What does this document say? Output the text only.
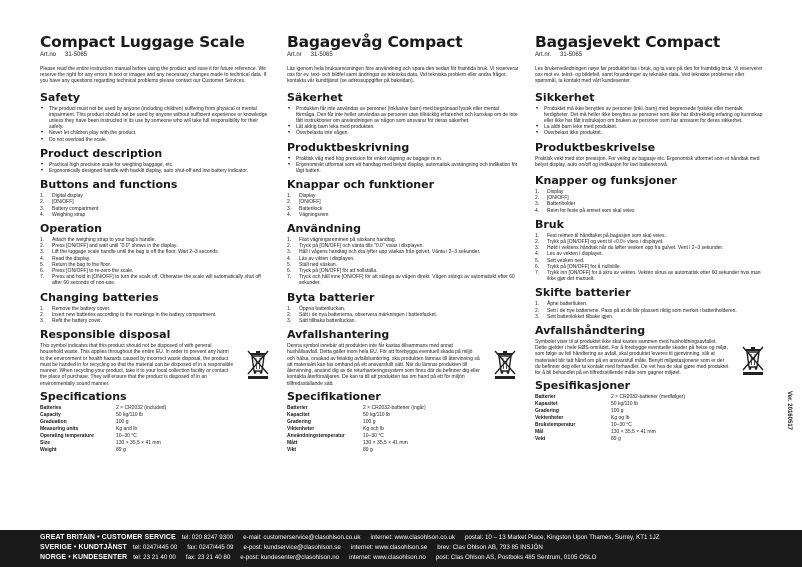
Compact Luggage Scale
Art.no 31-5065

Please read the entire instruction manual before using the product and save it for future reference. We reserve the right for any errors in text or images and any necessary changes made to technical data. If you have any questions regarding technical problems please contact our Customer Services.

Safety
• The product must not be used by anyone (including children) suffering from physical or mental impairment. This product should not be used by anyone without sufficient experience or knowledge unless they have been instructed in its use by someone who will take full responsibility for their safety.
• Never let children play with the product.
• Do not overload the scale.
Product description
• Practical high precision scale for weighing baggage, etc.
• Ergonomically designed handle with backlit display, auto shut-off and low battery indicator.
Buttons and functions
1.	Digital display
2.	[ON/OFF]
3.	Battery compartment
4.	Weighing strap
Operation
1.	Attach the weighing strap to your bag's handle.
2.	Press [ON/OFF] and wait until "0.0" shows in the display.
3.	Lift the luggage scale handle until the bag is off the floor. Wait 2–3 seconds.
4.	Read the display.
5.	Return the bag to the floor.
6.	Press [ON/OFF] to re-zero the scale.
7.	Press and hold in [ON/OFF] to turn the scale off. Otherwise the scale will automatically shut off after 60 seconds of non-use.
Changing batteries
1.	Remove the battery cover.
2.	Insert new batteries according to the markings in the battery compartment.
3.	Refit the battery cover.
Responsible disposal

This symbol indicates that this product should not be disposed of with general household waste. This applies throughout the entire EU. In order to prevent any harm to the environment or health hazards caused by incorrect waste disposal, the product must be handed in for recycling so that the material can be disposed of in a responsible manner. When recycling your product, take it to your local collection facility or contact the place of purchase. They will ensure that the product is disposed of in an environmentally sound manner.

Specifications
Batteries	2 × CR2032 (included)
Capacity	50 kg/110 lb
Graduation	100 g
Measuring units	Kg and lb
Operating temperature	10–30 °C
Size	130 × 35,5 × 41 mm
Weight	89 g
Bagagevåg Compact
Art.nr 31-5065

Läs igenom hela bruksanvisningen före användning och spara den sedan för framtida bruk. Vi reserverar oss för ev. text- och bildfel samt ändringar av tekniska data. Vid tekniska problem eller andra frågor, kontakta vår kundtjänst (se adressuppgifter på baksidan).

Säkerhet
• Produkten får inte användas av personer (inklusive barn) med begränsad fysisk eller mental förmåga. Den får inte heller användas av personer utan tillräcklig erfarenhet och kunskap om de inte fått instruktioner om användningen av någon som ansvarar för deras säkerhet.
• Låt aldrig barn leka med produkten.
• Överbelasta inte vågen.
Produktbeskrivning
• Praktisk våg med hög precision för enkel vägning av bagage m.m.
• Ergonomiskt utformat som ett handtag med belyst display, automatisk avstängning och indikation för lågt batteri.
Knappar och funktioner
1.	Display
2.	[ON/OFF]
3.	Batterilock
4.	Vägningsrem
Användning
1.	Fäst vägningsremmen på väskans handtag.
2.	Tryck på [ON/OFF] och vänta tills "0.0" visas i displayen.
3.	Håll i vågens handtag och dra lyfter upp väskan från golvet. Vänta i 2–3 sekunder.
4.	Läs av vikten i displayen.
5.	Ställ ned väskan.
6.	Tryck på [ON/OFF] för att nollställa.
7.	Tryck och håll inne [ON/OFF] för att stänga av vågen direkt. Vågen stängs av automatiskt efter 60 sekunder.
Byta batterier
1.	Öppna batteriluckan.
2.	Sätt i de nya batterierna, observera märkningen i batterifacket.
3.	Sätt tillbaka batteriluckan.
Avfallshantering

Denna symbol innebär att produkten inte får kastas tillsammans med annat hushållsavfall. Detta gäller inom hela EU. För att förebygga eventuell skada på miljö och hälsa, orsakad av felaktig avfallshantering, ska produkten lämnas till återvinning så att materialet kan tas omhand på ett ansvarsfullt sätt. När du lämnar produkten till återvinning, använd dig av de returhanteringssystem som finns där du befinner dig eller kontakta återförsäljaren. De kan ta till att produkten tas om hand på ett för miljön tillfredsställande sätt.

Specifikationer
Batterier	2 × CR2032-batterier (ingår)
Kapacitet	50 kg/110 lb
Gradering	100 g
Viktenheter	Kg och lb
Användningstemperatur	10–30 °C
Mått	130 × 35,5 × 41 mm
Vikt	89 g
Bagasjevekt Compact
Art.nr. 31-5065

Les brukerveiledningen nøye før produktet tas i bruk, og ta vare på den for framtidig bruk. Vi reserverer oss mot ev. tekst- og bildefeil, samt forandringer av tekniske data. Ved tekniske problemer eller spørsmål, ta kontakt med vårt kundesenter.

Sikkerhet
• Produktet må ikke benyttes av personer (inkl. barn) med begrensede fysiske eller mentale ferdigheter. Det må heller ikke benyttes av personer som ikke har tilstrekkelig erfaring og kunnskap eller ikke har fått instruksjon om bruken av personer som har ansvaret for deres sikkerhet.
• La aldri barn leke med produktet.
• Overbelast ikke produktet.
Produktbeskrivelse

Praktisk vekt med stor presisjon. For veiing av bagasje etc. Ergonomisk utformet som et håndtak med belyst display, auto on/off og indikasjon for lavt batteriernivå.

Knapper og funksjoner
1.	Display
2.	[ON/OFF]
3.	Batteriholder
4.	Reim for feste på emnet som skal veies
Bruk
1.	Fest reimen til håndtaket på bagasjen som skal veies.
2.	Trykk på [ON/OFF] og vent til «0.0» vises i displayet.
3.	Høld i vektens håndtak når du løfter vesken opp fra gulvet. Vent i 2–3 sekunder.
4.	Les av vekten i displayet.
5.	Sett vesken ned.
6.	Trykk på [ON/OFF] for å nullstille.
7.	Trykk inn [ON/OFF] for å skru av vekten. Vekten skrus av automatisk etter 60 sekunder hvis man ikke gjør det manuelt.
Skifte batterier
1.	Åpne batteriluken.
2.	Sett i de nye batteriene. Pass på at de blir plassert riktig som merket i batteriholderen.
3.	Sett batterilokket tilbake igjen.
Avfallshåndtering

Symbolet viser til at produktet ikke skal kastes sammen med husholdningsavfallet. Dette gjelder i hele EØS-området. For å forebygge eventuelle skader på helse og miljø, som følge av feil håndtering av avfall, skal produktet leveres til gjenvinning, slik at materialet blir tatt hånd om på en ansvarsfull måte. Benytt miljøstasjonene som er der du befinner deg eller ta kontakt med forhandler. De vet hva de skal gjøre med produktet for å bli behandlet på en tilfredsstillende måte som gagner miljøet.

Spesifikasjoner
Batterier	2 × CR2032-batterier (medfølger)
Kapasitet	50 kg/110 lb
Gradering	100 g
Vektenheter	Kg og lb
Brukstemperatur	10–30 °C
Mål	130 × 35,5 × 41 mm
Vekt	89 g
GREAT BRITAIN • CUSTOMER SERVICE tel: 020 8247 9300 e-mail: customerservice@clasohlson.co.uk internet: www.clasohlson.co.uk postal: 10 – 13 Market Place, Kingston Upon Thames, Surrey, KT1 1JZ
SVERIGE • KUNDTJÄNST tel: 0247/445 00 fax: 0247/445 09 e-post: kundservice@clasohlson.se internet: www.clasohlson.se brev: Clas Ohlson AB, 793 85 INSJÖN
NORGE • KUNDESENTER tel: 23 21 40 00 fax: 23 21 40 80 e-post: kundesenter@clasohlson.no internet: www.clasohlson.no post: Clas Ohlson AS, Postboks 485 Sentrum, 0105 OSLO
Ver. 20160517
